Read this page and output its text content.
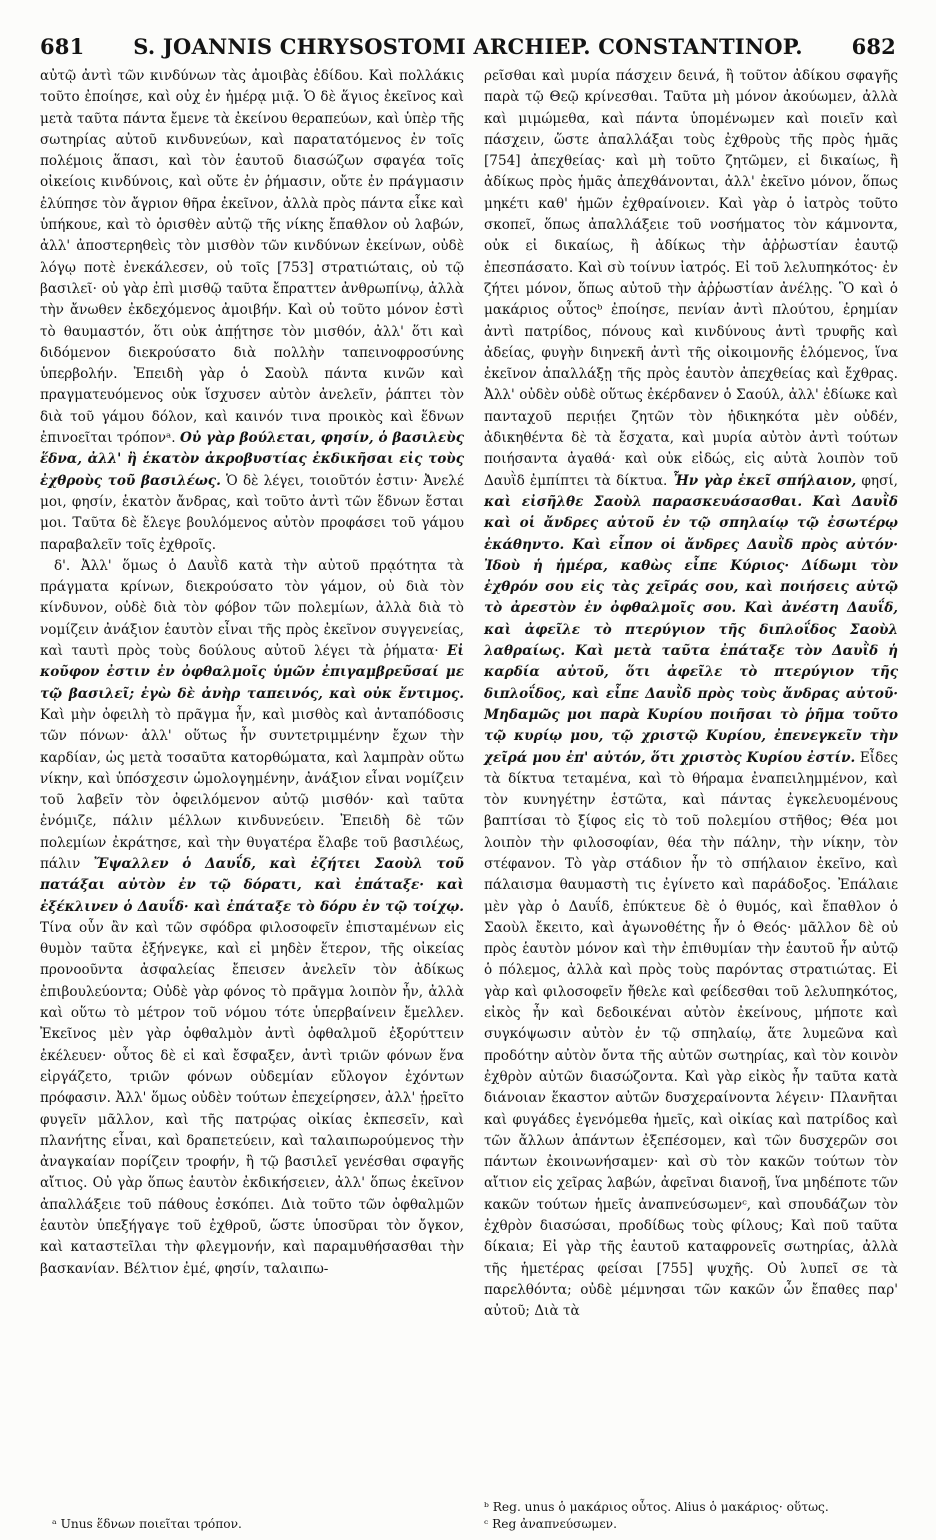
681	S. JOANNIS CHRYSOSTOMI ARCHIEP. CONSTANTINOP.	682

αὐτῷ ἀντὶ τῶν κινδύνων τὰς ἀμοιβὰς ἐδίδου. Καὶ πολλάκις τοῦτο ἐποίησε, καὶ οὐχ ἐν ἡμέρᾳ μιᾷ. Ὁ δὲ ἅγιος ἐκεῖνος καὶ μετὰ ταῦτα πάντα ἔμενε τὰ ἐκείνου θεραπεύων, καὶ ὑπὲρ τῆς σωτηρίας αὐτοῦ κινδυνεύων, καὶ παρατατόμενος ἐν τοῖς πολέμοις ἅπασι, καὶ τὸν ἑαυτοῦ διασώζων σφαγέα τοῖς οἰκείοις κινδύνοις, καὶ οὔτε ἐν ῥήμασιν, οὔτε ἐν πράγμασιν ἐλύπησε τὸν ἄγριον θῆρα ἐκεῖνον, ἀλλὰ πρὸς πάντα εἶκε καὶ ὑπήκουε, καὶ τὸ ὁρισθὲν αὐτῷ τῆς νίκης ἔπαθλον οὐ λαβών, ἀλλ' ἀποστερηθεὶς τὸν μισθὸν τῶν κινδύνων ἐκείνων, οὐδὲ λόγῳ ποτὲ ἐνεκάλεσεν, οὐ τοῖς [753] στρατιώταις, οὐ τῷ βασιλεῖ· οὐ γὰρ ἐπὶ μισθῷ ταῦτα ἔπραττεν ἀνθρωπίνῳ, ἀλλὰ τὴν ἄνωθεν ἐκδεχόμενος ἀμοιβήν. Καὶ οὐ τοῦτο μόνον ἐστὶ τὸ θαυμαστόν, ὅτι οὐκ ἀπῄτησε τὸν μισθόν, ἀλλ' ὅτι καὶ διδόμενον διεκρούσατο διὰ πολλὴν ταπεινοφροσύνης ὑπερβολήν. Ἐπειδὴ γὰρ ὁ Σαοὺλ πάντα κινῶν καὶ πραγματευόμενος οὐκ ἴσχυσεν αὐτὸν ἀνελεῖν, ῥάπτει τὸν διὰ τοῦ γάμου δόλον, καὶ καινόν τινα προικὸς καὶ ἕδνων ἐπινοεῖται τρόπονᵃ. Οὐ γὰρ βούλεται, φησίν, ὁ βασιλεὺς ἕδνα, ἀλλ' ἢ ἑκατὸν ἀκροβυστίας ἐκδικῆσαι εἰς τοὺς ἐχθροὺς τοῦ βασιλέως. Ὁ δὲ λέγει, τοιοῦτόν ἐστιν· Ἀνελέ μοι, φησίν, ἑκατὸν ἄνδρας, καὶ τοῦτο ἀντὶ τῶν ἕδνων ἔσται μοι. Ταῦτα δὲ ἔλεγε βουλόμενος αὐτὸν προφάσει τοῦ γάμου παραβαλεῖν τοῖς ἐχθροῖς.

δ'. Ἀλλ' ὅμως ὁ Δαυῒδ κατὰ τὴν αὐτοῦ πρᾳότητα τὰ πράγματα κρίνων, διεκρούσατο τὸν γάμον, οὐ διὰ τὸν κίνδυνον, οὐδὲ διὰ τὸν φόβον τῶν πολεμίων, ἀλλὰ διὰ τὸ νομίζειν ἀνάξιον ἑαυτὸν εἶναι τῆς πρὸς ἐκεῖνον συγγενείας, καὶ ταυτὶ πρὸς τοὺς δούλους αὐτοῦ λέγει τὰ ῥήματα· Εἰ κοῦφον ἐστιν ἐν ὀφθαλμοῖς ὑμῶν ἐπιγαμβρεῦσαί με τῷ βασιλεῖ; ἐγὼ δὲ ἀνὴρ ταπεινός, καὶ οὐκ ἔντιμος. Καὶ μὴν ὀφειλὴ τὸ πρᾶγμα ἦν, καὶ μισθὸς καὶ ἀνταπόδοσις τῶν πόνων· ἀλλ' οὕτως ἦν συντετριμμένην ἔχων τὴν καρδίαν, ὡς μετὰ τοσαῦτα κατορθώματα, καὶ λαμπρὰν οὕτω νίκην, καὶ ὑπόσχεσιν ὡμολογημένην, ἀνάξιον εἶναι νομίζειν τοῦ λαβεῖν τὸν ὀφειλόμενον αὐτῷ μισθόν· καὶ ταῦτα ἐνόμιζε, πάλιν μέλλων κινδυνεύειν. Ἐπειδὴ δὲ τῶν πολεμίων ἐκράτησε, καὶ τὴν θυγατέρα ἔλαβε τοῦ βασιλέως, πάλιν Ἔψαλλεν ὁ Δαυΐδ, καὶ ἐζήτει Σαοὺλ τοῦ πατάξαι αὐτὸν ἐν τῷ δόρατι, καὶ ἐπάταξε· καὶ ἐξέκλινεν ὁ Δαυΐδ· καὶ ἐπάταξε τὸ δόρυ ἐν τῷ τοίχῳ. Τίνα οὖν ἂν καὶ τῶν σφόδρα φιλοσοφεῖν ἐπισταμένων εἰς θυμὸν ταῦτα ἐξήνεγκε, καὶ εἰ μηδὲν ἕτερον, τῆς οἰκείας προνοοῦντα ἀσφαλείας ἔπεισεν ἀνελεῖν τὸν ἀδίκως ἐπιβουλεύοντα; Οὐδὲ γὰρ φόνος τὸ πρᾶγμα λοιπὸν ἦν, ἀλλὰ καὶ οὕτω τὸ μέτρον τοῦ νόμου τότε ὑπερβαίνειν ἔμελλεν. Ἐκεῖνος μὲν γὰρ ὀφθαλμὸν ἀντὶ ὀφθαλμοῦ ἐξορύττειν ἐκέλευεν· οὗτος δὲ εἰ καὶ ἔσφαξεν, ἀντὶ τριῶν φόνων ἕνα εἰργάζετο, τριῶν φόνων οὐδεμίαν εὔλογον ἐχόντων πρόφασιν. Ἀλλ' ὅμως οὐδὲν τούτων ἐπεχείρησεν, ἀλλ' ᾑρεῖτο φυγεῖν μᾶλλον, καὶ τῆς πατρῴας οἰκίας ἐκπεσεῖν, καὶ πλανήτης εἶναι, καὶ δραπετεύειν, καὶ ταλαιπωρούμενος τὴν ἀναγκαίαν πορίζειν τροφήν, ἢ τῷ βασιλεῖ γενέσθαι σφαγῆς αἴτιος. Οὐ γὰρ ὅπως ἑαυτὸν ἐκδικήσειεν, ἀλλ' ὅπως ἐκεῖνον ἀπαλλάξειε τοῦ πάθους ἐσκόπει. Διὰ τοῦτο τῶν ὀφθαλμῶν ἑαυτὸν ὑπεξήγαγε τοῦ ἐχθροῦ, ὥστε ὑποσῦραι τὸν ὄγκον, καὶ καταστεῖλαι τὴν φλεγμονήν, καὶ παραμυθήσασθαι τὴν βασκανίαν. Βέλτιον ἐμέ, φησίν, ταλαιπω-

ρεῖσθαι καὶ μυρία πάσχειν δεινά, ἢ τοῦτον ἀδίκου σφαγῆς παρὰ τῷ Θεῷ κρίνεσθαι. Ταῦτα μὴ μόνον ἀκούωμεν, ἀλλὰ καὶ μιμώμεθα, καὶ πάντα ὑπομένωμεν καὶ ποιεῖν καὶ πάσχειν, ὥστε ἀπαλλάξαι τοὺς ἐχθροὺς τῆς πρὸς ἡμᾶς [754] ἀπεχθείας· καὶ μὴ τοῦτο ζητῶμεν, εἰ δικαίως, ἢ ἀδίκως πρὸς ἡμᾶς ἀπεχθάνονται, ἀλλ' ἐκεῖνο μόνον, ὅπως μηκέτι καθ' ἡμῶν ἐχθραίνοιεν. Καὶ γὰρ ὁ ἰατρὸς τοῦτο σκοπεῖ, ὅπως ἀπαλλάξειε τοῦ νοσήματος τὸν κάμνοντα, οὐκ εἰ δικαίως, ἢ ἀδίκως τὴν ἀῤῥωστίαν ἑαυτῷ ἐπεσπάσατο. Καὶ σὺ τοίνυν ἰατρός. Εἰ τοῦ λελυπηκότος· ἐν ζήτει μόνον, ὅπως αὐτοῦ τὴν ἀῤῥωστίαν ἀνέλῃς. Ὃ καὶ ὁ μακάριος οὗτοςᵇ ἐποίησε, πενίαν ἀντὶ πλούτου, ἐρημίαν ἀντὶ πατρίδος, πόνους καὶ κινδύνους ἀντὶ τρυφῆς καὶ ἀδείας, φυγὴν διηνεκῆ ἀντὶ τῆς οἰκοιμονῆς ἑλόμενος, ἵνα ἐκεῖνον ἀπαλλάξῃ τῆς πρὸς ἑαυτὸν ἀπεχθείας καὶ ἔχθρας. Ἀλλ' οὐδὲν οὐδὲ οὕτως ἐκέρδανεν ὁ Σαούλ, ἀλλ' ἐδίωκε καὶ πανταχοῦ περιῄει ζητῶν τὸν ἠδικηκότα μὲν οὐδέν, ἀδικηθέντα δὲ τὰ ἔσχατα, καὶ μυρία αὐτὸν ἀντὶ τούτων ποιήσαντα ἀγαθά· καὶ οὐκ εἰδώς, εἰς αὐτὰ λοιπὸν τοῦ Δαυῒδ ἐμπίπτει τὰ δίκτυα. Ἦν γὰρ ἐκεῖ σπήλαιον, φησί, καὶ εἰσῆλθε Σαοὺλ παρασκευάσασθαι. Καὶ Δαυῒδ καὶ οἱ ἄνδρες αὐτοῦ ἐν τῷ σπηλαίῳ τῷ ἐσωτέρῳ ἐκάθηντο. Καὶ εἶπον οἱ ἄνδρες Δαυῒδ πρὸς αὐτόν· Ἰδοὺ ἡ ἡμέρα, καθὼς εἶπε Κύριος· Δίδωμι τὸν ἐχθρόν σου εἰς τὰς χεῖράς σου, καὶ ποιήσεις αὐτῷ τὸ ἀρεστὸν ἐν ὀφθαλμοῖς σου. Καὶ ἀνέστη Δαυΐδ, καὶ ἀφεῖλε τὸ πτερύγιον τῆς διπλοΐδος Σαοὺλ λαθραίως. Καὶ μετὰ ταῦτα ἐπάταξε τὸν Δαυῒδ ἡ καρδία αὐτοῦ, ὅτι ἀφεῖλε τὸ πτερύγιον τῆς διπλοΐδος, καὶ εἶπε Δαυῒδ πρὸς τοὺς ἄνδρας αὐτοῦ· Μηδαμῶς μοι παρὰ Κυρίου ποιῆσαι τὸ ῥῆμα τοῦτο τῷ κυρίῳ μου, τῷ χριστῷ Κυρίου, ἐπενεγκεῖν τὴν χεῖρά μου ἐπ' αὐτόν, ὅτι χριστὸς Κυρίου ἐστίν. Εἶδες τὰ δίκτυα τεταμένα, καὶ τὸ θήραμα ἐναπειλημμένον, καὶ τὸν κυνηγέτην ἑστῶτα, καὶ πάντας ἐγκελευομένους βαπτίσαι τὸ ξίφος εἰς τὸ τοῦ πολεμίου στῆθος; Θέα μοι λοιπὸν τὴν φιλοσοφίαν, θέα τὴν πάλην, τὴν νίκην, τὸν στέφανον. Τὸ γὰρ στάδιον ἦν τὸ σπήλαιον ἐκεῖνο, καὶ πάλαισμα θαυμαστὴ τις ἐγίνετο καὶ παράδοξος. Ἐπάλαιε μὲν γὰρ ὁ Δαυΐδ, ἐπύκτευε δὲ ὁ θυμός, καὶ ἔπαθλον ὁ Σαοὺλ ἔκειτο, καὶ ἀγωνοθέτης ἦν ὁ Θεός· μᾶλλον δὲ οὐ πρὸς ἑαυτὸν μόνον καὶ τὴν ἐπιθυμίαν τὴν ἑαυτοῦ ἦν αὐτῷ ὁ πόλεμος, ἀλλὰ καὶ πρὸς τοὺς παρόντας στρατιώτας. Εἰ γὰρ καὶ φιλοσοφεῖν ἤθελε καὶ φείδεσθαι τοῦ λελυπηκότος, εἰκὸς ἦν καὶ δεδοικέναι αὐτὸν ἐκείνους, μήποτε καὶ συγκόψωσιν αὐτὸν ἐν τῷ σπηλαίῳ, ἅτε λυμεῶνα καὶ προδότην αὐτὸν ὄντα τῆς αὐτῶν σωτηρίας, καὶ τὸν κοινὸν ἐχθρὸν αὐτῶν διασώζοντα. Καὶ γὰρ εἰκὸς ἦν ταῦτα κατὰ διάνοιαν ἕκαστον αὐτῶν δυσχεραίνοντα λέγειν· Πλανῆται καὶ φυγάδες ἐγενόμεθα ἡμεῖς, καὶ οἰκίας καὶ πατρίδος καὶ τῶν ἄλλων ἁπάντων ἐξεπέσομεν, καὶ τῶν δυσχερῶν σοι πάντων ἐκοινωνήσαμεν· καὶ σὺ τὸν κακῶν τούτων τὸν αἴτιον εἰς χεῖρας λαβών, ἀφεῖναι διανοῇ, ἵνα μηδέποτε τῶν κακῶν τούτων ἡμεῖς ἀναπνεύσωμενᶜ, καὶ σπουδάζων τὸν ἐχθρὸν διασώσαι, προδίδως τοὺς φίλους; Καὶ ποῦ ταῦτα δίκαια; Εἰ γὰρ τῆς ἑαυτοῦ καταφρονεῖς σωτηρίας, ἀλλὰ τῆς ἡμετέρας φείσαι [755] ψυχῆς. Οὐ λυπεῖ σε τὰ παρελθόντα; οὐδὲ μέμνησαι τῶν κακῶν ὧν ἔπαθες παρ' αὐτοῦ; Διὰ τὰ

ᵃ Unus ἕδνων ποιεῖται τρόπον.
ᵇ Reg. unus ὁ μακάριος οὗτος. Alius ὁ μακάριος· οὕτως.
ᶜ Reg ἀναπνεύσωμεν.
